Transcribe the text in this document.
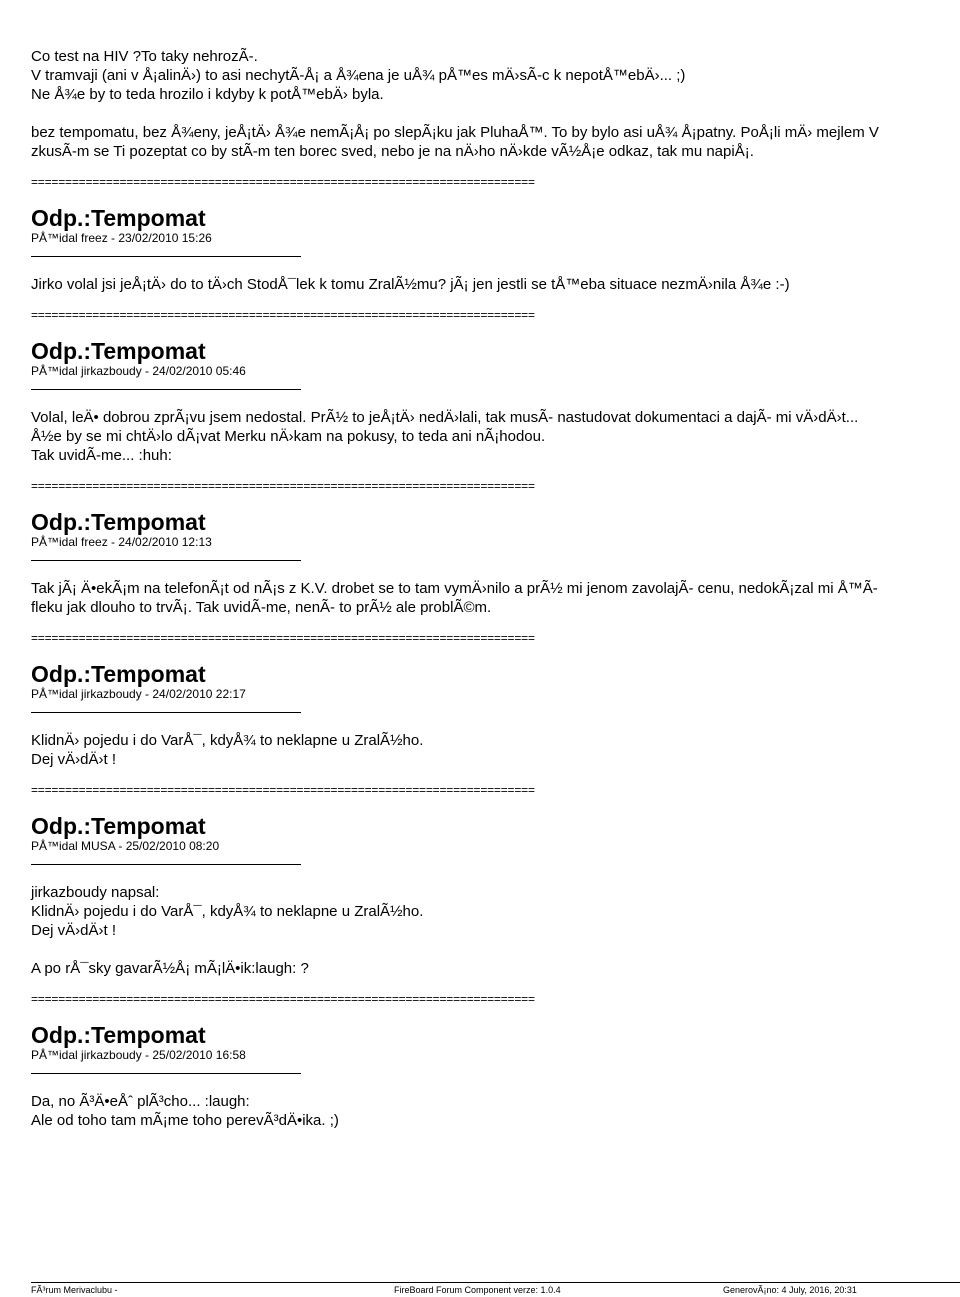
Co test na HIV ?To taky nehrozÃ-.

V tramvaji (ani v Å¡alinÄ›) to asi nechytÃ-Å¡ a Å¾ena je uÅ¾ pÅ™es mÄ›sÃ-c k nepotÅ™ebÄ›... ;)

Ne Å¾e by to teda hrozilo i kdyby k potÅ™ebÄ› byla.

bez tempomatu, bez Å¾eny, jeÅ¡tÄ› Å¾e nemÃ¡Å¡ po slepÃ¡ku jak PluhaÅ™. To by bylo asi uÅ¾ Å¡patny. PoÅ¡li mÄ› mejlem V

zkusÃ-m se Ti pozeptat co by stÃ-m ten borec sved, nebo je na nÄ›ho nÄ›kde vÃ½Å¡e odkaz, tak mu napiÅ¡.

==========================================================================
Odp.:Tempomat

PÅ™idal freez - 23/02/2010 15:26

Jirko volal jsi jeÅ¡tÄ› do to tÄ›ch StodÅ¯lek k tomu ZralÃ½mu? jÃ¡ jen jestli se tÅ™eba situace nezmÄ›nila Å¾e :-)

==========================================================================
Odp.:Tempomat

PÅ™idal jirkazboudy - 24/02/2010 05:46

Volal, leÄ• dobrou zprÃ¡vu jsem nedostal. PrÃ½ to jeÅ¡tÄ› nedÄ›lali, tak musÃ- nastudovat dokumentaci a dajÃ- mi vÄ›dÄ›t...

Å½e by se mi chtÄ›lo dÃ¡vat Merku nÄ›kam na pokusy, to teda ani nÃ¡hodou.

Tak uvidÃ-me... :huh:

==========================================================================
Odp.:Tempomat

PÅ™idal freez - 24/02/2010 12:13

Tak jÃ¡ Ä•ekÃ¡m na telefonÃ¡t od nÃ¡s z K.V. drobet se to tam vymÄ›nilo a prÃ½ mi jenom zavolajÃ- cenu, nedokÃ¡zal mi Å™Ã-

fleku jak dlouho to trvÃ¡. Tak uvidÃ-me, nenÃ- to prÃ½ ale problÃ©m.

==========================================================================
Odp.:Tempomat

PÅ™idal jirkazboudy - 24/02/2010 22:17

KlidnÄ› pojedu i do VarÅ¯, kdyÅ¾ to neklapne u ZralÃ½ho.

Dej vÄ›dÄ›t !

==========================================================================
Odp.:Tempomat

PÅ™idal MUSA - 25/02/2010 08:20

jirkazboudy napsal:

KlidnÄ› pojedu i do VarÅ¯, kdyÅ¾ to neklapne u ZralÃ½ho.

Dej vÄ›dÄ›t !

A po rÅ¯sky gavarÃ½Å¡ mÃ¡lÄ•ik:laugh: ?

==========================================================================
Odp.:Tempomat

PÅ™idal jirkazboudy - 25/02/2010 16:58

Da, no Ã³Ä•eÅˆ plÃ³cho... :laugh:

Ale od toho tam mÃ¡me toho perevÃ³dÄ•ika. ;)

FÃ³rum Merivaclubu -	FireBoard Forum Component verze: 1.0.4	GenerovÃ¡no: 4 July, 2016, 20:31
